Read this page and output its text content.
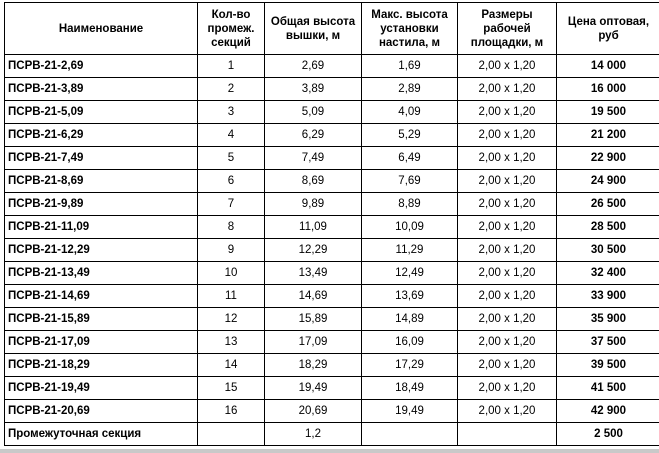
Наименование	Кол-во промеж. секций	Общая высота вышки, м	Макс. высота установки настила, м	Размеры рабочей площадки, м	Цена оптовая, руб
ПСРВ-21-2,69	1	2,69	1,69	2,00 х 1,20	14 000
ПСРВ-21-3,89	2	3,89	2,89	2,00 х 1,20	16 000
ПСРВ-21-5,09	3	5,09	4,09	2,00 х 1,20	19 500
ПСРВ-21-6,29	4	6,29	5,29	2,00 х 1,20	21 200
ПСРВ-21-7,49	5	7,49	6,49	2,00 х 1,20	22 900
ПСРВ-21-8,69	6	8,69	7,69	2,00 х 1,20	24 900
ПСРВ-21-9,89	7	9,89	8,89	2,00 х 1,20	26 500
ПСРВ-21-11,09	8	11,09	10,09	2,00 х 1,20	28 500
ПСРВ-21-12,29	9	12,29	11,29	2,00 х 1,20	30 500
ПСРВ-21-13,49	10	13,49	12,49	2,00 х 1,20	32 400
ПСРВ-21-14,69	11	14,69	13,69	2,00 х 1,20	33 900
ПСРВ-21-15,89	12	15,89	14,89	2,00 х 1,20	35 900
ПСРВ-21-17,09	13	17,09	16,09	2,00 х 1,20	37 500
ПСРВ-21-18,29	14	18,29	17,29	2,00 х 1,20	39 500
ПСРВ-21-19,49	15	19,49	18,49	2,00 х 1,20	41 500
ПСРВ-21-20,69	16	20,69	19,49	2,00 х 1,20	42 900
Промежуточная секция		1,2			2 500
